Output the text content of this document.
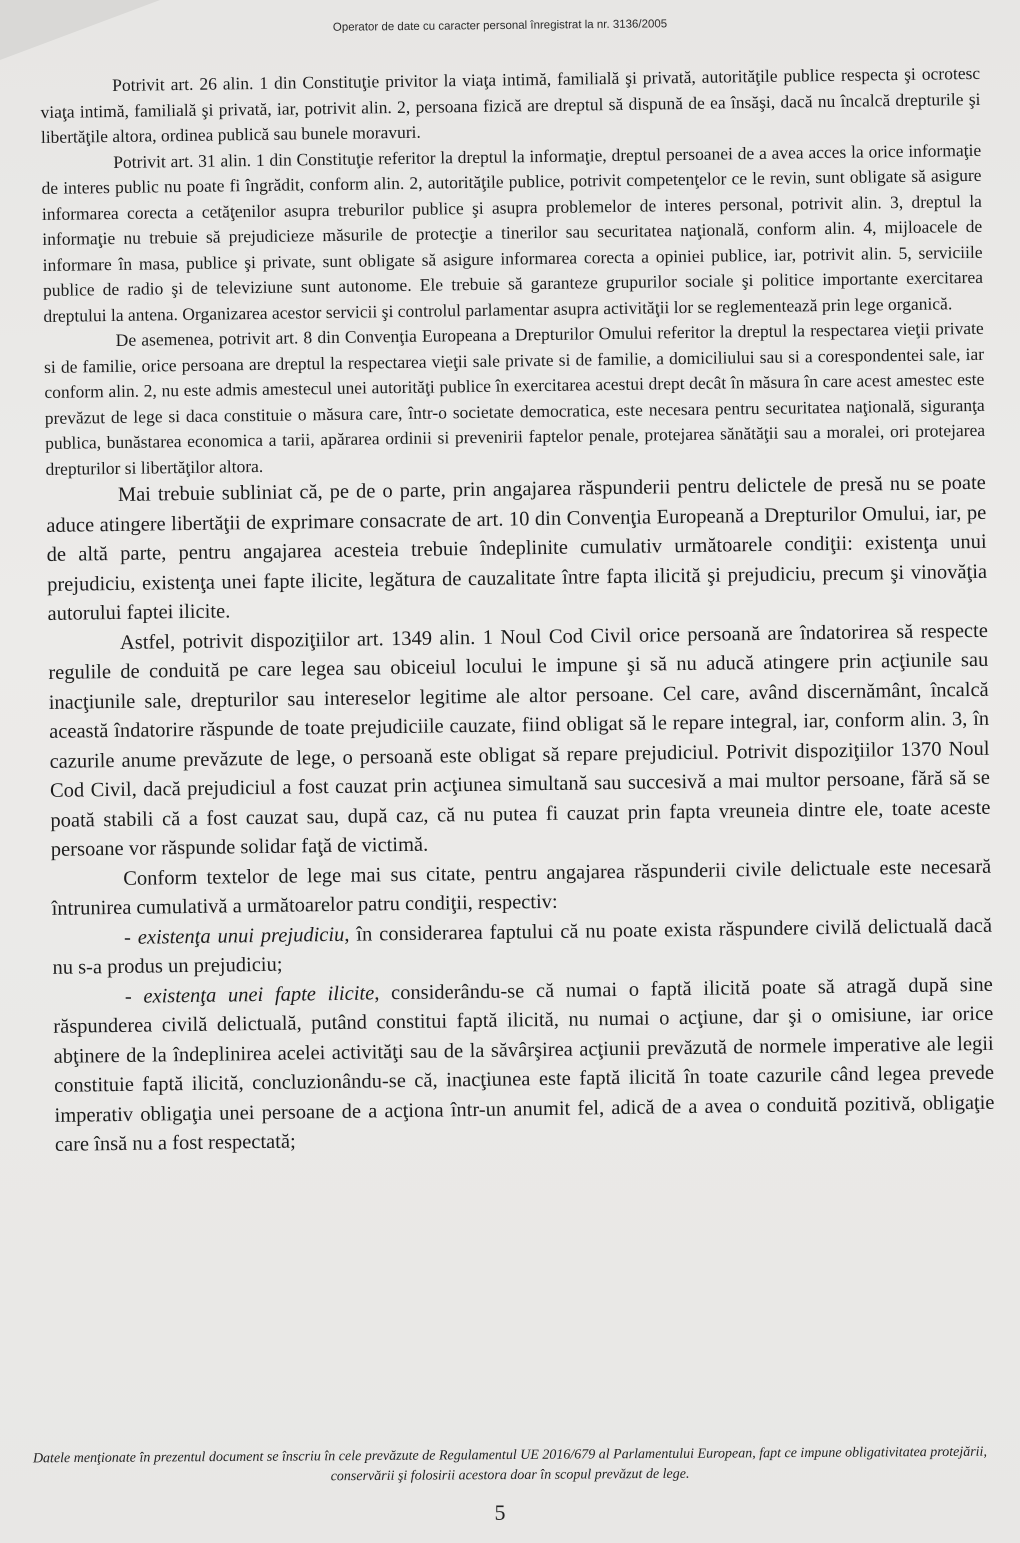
Operator de date cu caracter personal înregistrat la nr. 3136/2005

Potrivit art. 26 alin. 1 din Constituţie privitor la viaţa intimă, familială şi privată, autorităţile publice respecta şi ocrotesc viaţa intimă, familială şi privată, iar, potrivit alin. 2, persoana fizică are dreptul să dispună de ea însăşi, dacă nu încalcă drepturile şi libertăţile altora, ordinea publică sau bunele moravuri.

Potrivit art. 31 alin. 1 din Constituţie referitor la dreptul la informaţie, dreptul persoanei de a avea acces la orice informaţie de interes public nu poate fi îngrădit, conform alin. 2, autorităţile publice, potrivit competenţelor ce le revin, sunt obligate să asigure informarea corecta a cetăţenilor asupra treburilor publice şi asupra problemelor de interes personal, potrivit alin. 3, dreptul la informaţie nu trebuie să prejudicieze măsurile de protecţie a tinerilor sau securitatea naţională, conform alin. 4, mijloacele de informare în masa, publice şi private, sunt obligate să asigure informarea corecta a opiniei publice, iar, potrivit alin. 5, serviciile publice de radio şi de televiziune sunt autonome. Ele trebuie să garanteze grupurilor sociale şi politice importante exercitarea dreptului la antena. Organizarea acestor servicii şi controlul parlamentar asupra activităţii lor se reglementează prin lege organică.

De asemenea, potrivit art. 8 din Convenţia Europeana a Drepturilor Omului referitor la dreptul la respectarea vieţii private si de familie, orice persoana are dreptul la respectarea vieţii sale private si de familie, a domiciliului sau si a corespondentei sale, iar conform alin. 2, nu este admis amestecul unei autorităţi publice în exercitarea acestui drept decât în măsura în care acest amestec este prevăzut de lege si daca constituie o măsura care, într-o societate democratica, este necesara pentru securitatea naţională, siguranţa publica, bunăstarea economica a tarii, apărarea ordinii si prevenirii faptelor penale, protejarea sănătăţii sau a moralei, ori protejarea drepturilor si libertăţilor altora.

Mai trebuie subliniat că, pe de o parte, prin angajarea răspunderii pentru delictele de presă nu se poate aduce atingere libertăţii de exprimare consacrate de art. 10 din Convenţia Europeană a Drepturilor Omului, iar, pe de altă parte, pentru angajarea acesteia trebuie îndeplinite cumulativ următoarele condiţii: existenţa unui prejudiciu, existenţa unei fapte ilicite, legătura de cauzalitate între fapta ilicită şi prejudiciu, precum şi vinovăţia autorului faptei ilicite.

Astfel, potrivit dispoziţiilor art. 1349 alin. 1 Noul Cod Civil orice persoană are îndatorirea să respecte regulile de conduită pe care legea sau obiceiul locului le impune şi să nu aducă atingere prin acţiunile sau inacţiunile sale, drepturilor sau intereselor legitime ale altor persoane. Cel care, având discernământ, încalcă această îndatorire răspunde de toate prejudiciile cauzate, fiind obligat să le repare integral, iar, conform alin. 3, în cazurile anume prevăzute de lege, o persoană este obligat să repare prejudiciul. Potrivit dispoziţiilor 1370 Noul Cod Civil, dacă prejudiciul a fost cauzat prin acţiunea simultană sau succesivă a mai multor persoane, fără să se poată stabili că a fost cauzat sau, după caz, că nu putea fi cauzat prin fapta vreuneia dintre ele, toate aceste persoane vor răspunde solidar faţă de victimă.

Conform textelor de lege mai sus citate, pentru angajarea răspunderii civile delictuale este necesară întrunirea cumulativă a următoarelor patru condiţii, respectiv:

- existenţa unui prejudiciu, în considerarea faptului că nu poate exista răspundere civilă delictuală dacă nu s-a produs un prejudiciu;

- existenţa unei fapte ilicite, considerându-se că numai o faptă ilicită poate să atragă după sine răspunderea civilă delictuală, putând constitui faptă ilicită, nu numai o acţiune, dar şi o omisiune, iar orice abţinere de la îndeplinirea acelei activităţi sau de la săvârşirea acţiunii prevăzută de normele imperative ale legii constituie faptă ilicită, concluzionându-se că, inacţiunea este faptă ilicită în toate cazurile când legea prevede imperativ obligaţia unei persoane de a acţiona într-un anumit fel, adică de a avea o conduită pozitivă, obligaţie care însă nu a fost respectată;

Datele menţionate în prezentul document se înscriu în cele prevăzute de Regulamentul UE 2016/679 al Parlamentului European, fapt ce impune obligativitatea protejării, conservării şi folosirii acestora doar în scopul prevăzut de lege.
5
